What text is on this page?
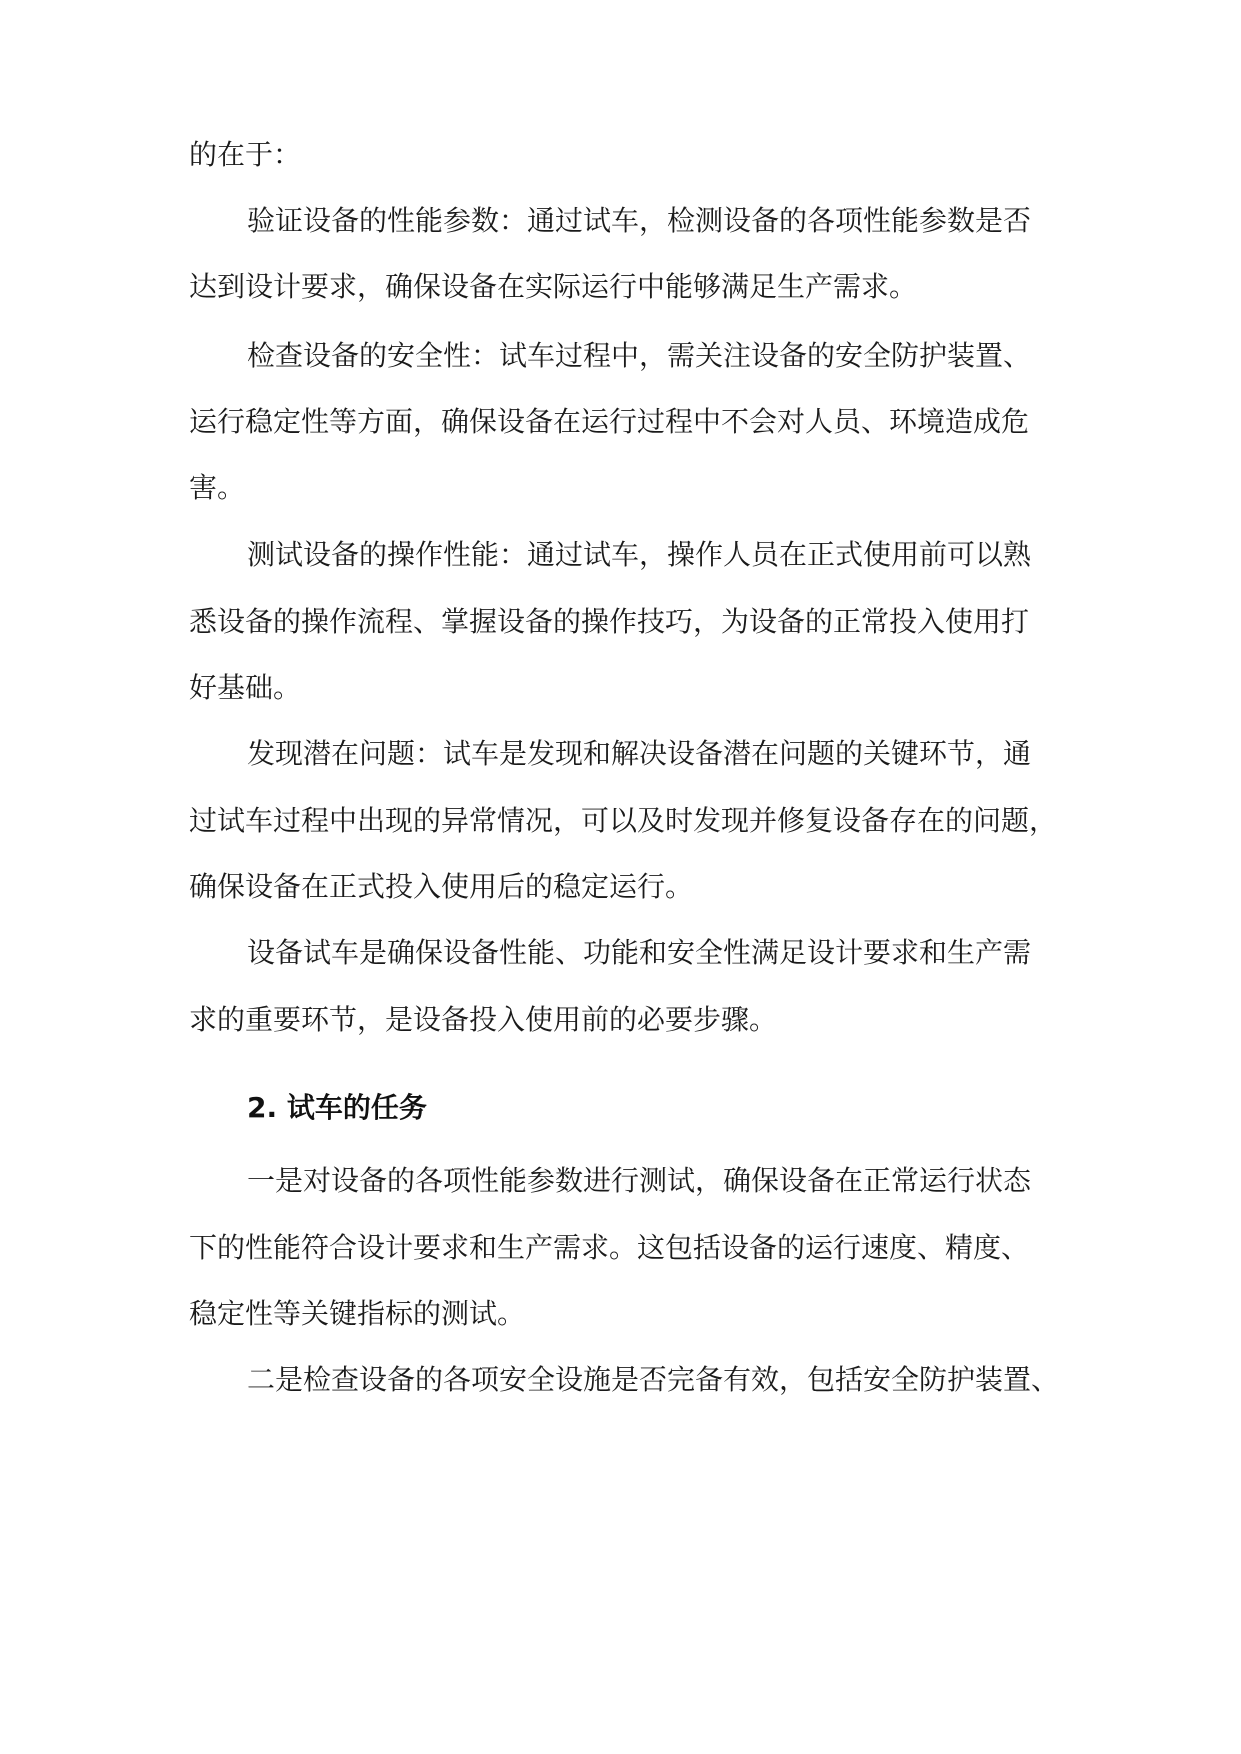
的在于：

验证设备的性能参数：通过试车，检测设备的各项性能参数是否

达到设计要求，确保设备在实际运行中能够满足生产需求。

检查设备的安全性：试车过程中，需关注设备的安全防护装置、

运行稳定性等方面，确保设备在运行过程中不会对人员、环境造成危

害。

测试设备的操作性能：通过试车，操作人员在正式使用前可以熟

悉设备的操作流程、掌握设备的操作技巧，为设备的正常投入使用打

好基础。

发现潜在问题：试车是发现和解决设备潜在问题的关键环节，通

过试车过程中出现的异常情况，可以及时发现并修复设备存在的问题，

确保设备在正式投入使用后的稳定运行。

设备试车是确保设备性能、功能和安全性满足设计要求和生产需

求的重要环节，是设备投入使用前的必要步骤。

2. 试车的任务

一是对设备的各项性能参数进行测试，确保设备在正常运行状态

下的性能符合设计要求和生产需求。这包括设备的运行速度、精度、

稳定性等关键指标的测试。

二是检查设备的各项安全设施是否完备有效，包括安全防护装置、
